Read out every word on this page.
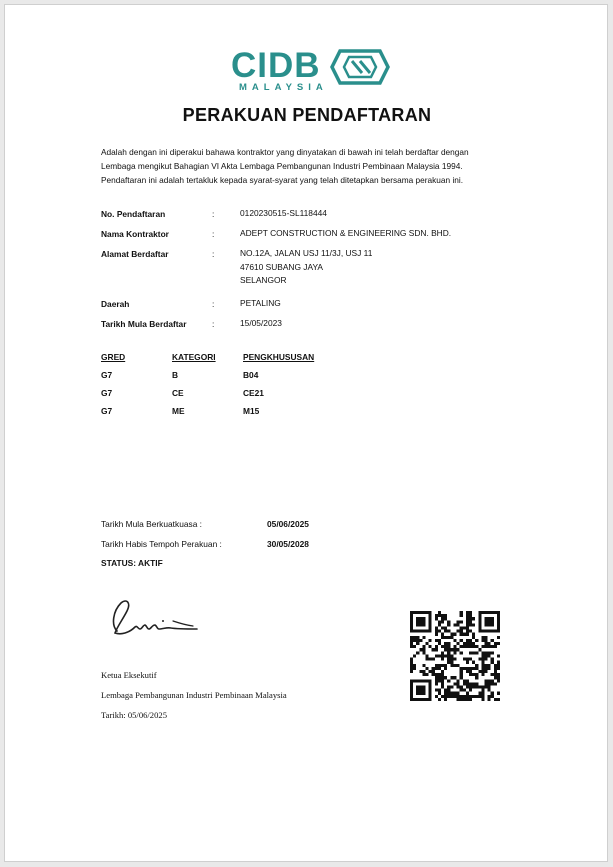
CIDB
MALAYSIA
PERAKUAN PENDAFTARAN
Adalah dengan ini diperakui bahawa kontraktor yang dinyatakan di bawah ini telah berdaftar dengan
Lembaga mengikut Bahagian VI Akta Lembaga Pembangunan Industri Pembinaan Malaysia 1994.
Pendaftaran ini adalah tertakluk kepada syarat-syarat yang telah ditetapkan bersama perakuan ini.
No. Pendaftaran	:	0120230515-SL118444
Nama Kontraktor	:	ADEPT CONSTRUCTION & ENGINEERING SDN. BHD.
Alamat Berdaftar	:	NO.12A, JALAN USJ 11/3J, USJ 11
47610 SUBANG JAYA
SELANGOR
Daerah	:	PETALING
Tarikh Mula Berdaftar	:	15/05/2023
GRED	KATEGORI	PENGKHUSUSAN
G7	B	B04
G7	CE	CE21
G7	ME	M15
Tarikh Mula Berkuatkuasa :	05/06/2025
Tarikh Habis Tempoh Perakuan :	30/05/2028
STATUS: AKTIF
Ketua Eksekutif
Lembaga Pembangunan Industri Pembinaan Malaysia
Tarikh: 05/06/2025
